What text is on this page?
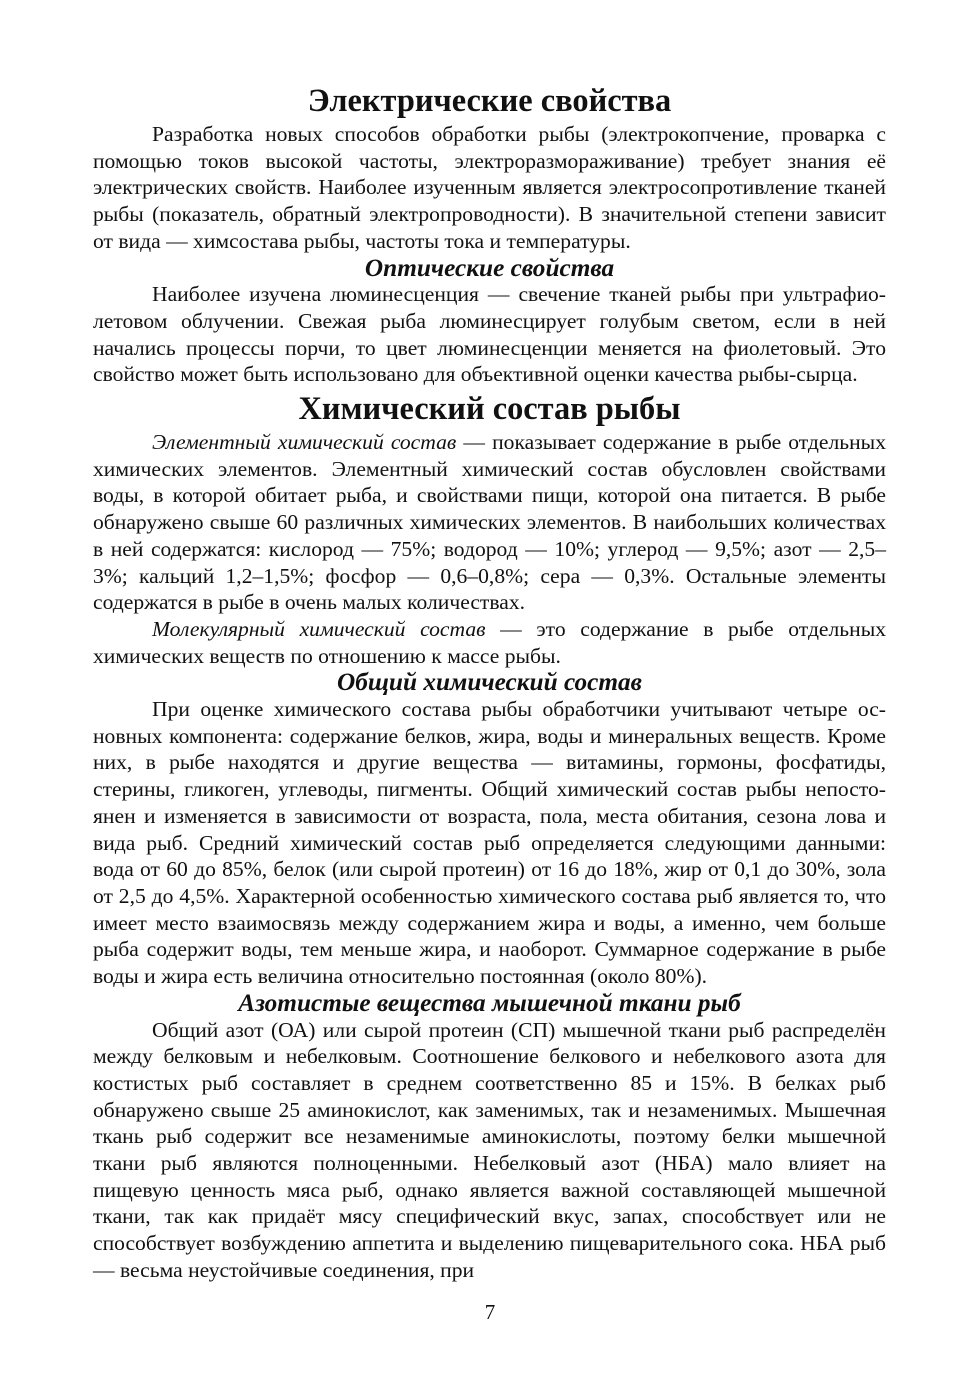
Электрические свойства

Разработка новых способов обработки рыбы (электрокопчение, проварка с помощью токов высокой частоты, электроразмораживание) требует знания её электрических свойств. Наиболее изученным является электросопротивление тканей рыбы (показатель, обратный электропроводности). В значительной степени зависит от вида — химсостава рыбы, частоты тока и температуры.

Оптические свойства

Наиболее изучена люминесценция — свечение тканей рыбы при ультрафиолетовом облучении. Свежая рыба люминесцирует голубым светом, если в ней начались процессы порчи, то цвет люминесценции меняется на фиолетовый. Это свойство может быть использовано для объективной оценки качества рыбы-сырца.

Химический состав рыбы

Элементный химический состав — показывает содержание в рыбе отдельных химических элементов. Элементный химический состав обусловлен свойствами воды, в которой обитает рыба, и свойствами пищи, которой она питается. В рыбе обнаружено свыше 60 различных химических элементов. В наибольших количествах в ней содержатся: кислород — 75%; водород — 10%; углерод — 9,5%; азот — 2,5–3%; кальций 1,2–1,5%; фосфор — 0,6–0,8%; сера — 0,3%. Остальные элементы содержатся в рыбе в очень малых количествах.

Молекулярный химический состав — это содержание в рыбе отдельных химических веществ по отношению к массе рыбы.

Общий химический состав

При оценке химического состава рыбы обработчики учитывают четыре основных компонента: содержание белков, жира, воды и минеральных веществ. Кроме них, в рыбе находятся и другие вещества — витамины, гормоны, фосфатиды, стерины, гликоген, углеводы, пигменты. Общий химический состав рыбы непостоянен и изменяется в зависимости от возраста, пола, места обитания, сезона лова и вида рыб. Средний химический состав рыб определяется следующими данными: вода от 60 до 85%, белок (или сырой протеин) от 16 до 18%, жир от 0,1 до 30%, зола от 2,5 до 4,5%. Характерной особенностью химического состава рыб является то, что имеет место взаимосвязь между содержанием жира и воды, а именно, чем больше рыба содержит воды, тем меньше жира, и наоборот. Суммарное содержание в рыбе воды и жира есть величина относительно постоянная (около 80%).

Азотистые вещества мышечной ткани рыб

Общий азот (ОА) или сырой протеин (СП) мышечной ткани рыб распределён между белковым и небелковым. Соотношение белкового и небелкового азота для костистых рыб составляет в среднем соответственно 85 и 15%. В белках рыб обнаружено свыше 25 аминокислот, как заменимых, так и незаменимых. Мышечная ткань рыб содержит все незаменимые аминокислоты, поэтому белки мышечной ткани рыб являются полноценными. Небелковый азот (НБА) мало влияет на пищевую ценность мяса рыб, однако является важной составляющей мышечной ткани, так как придаёт мясу специфический вкус, запах, способствует или не способствует возбуждению аппетита и выделению пищеварительного сока. НБА рыб — весьма неустойчивые соединения, при

7
